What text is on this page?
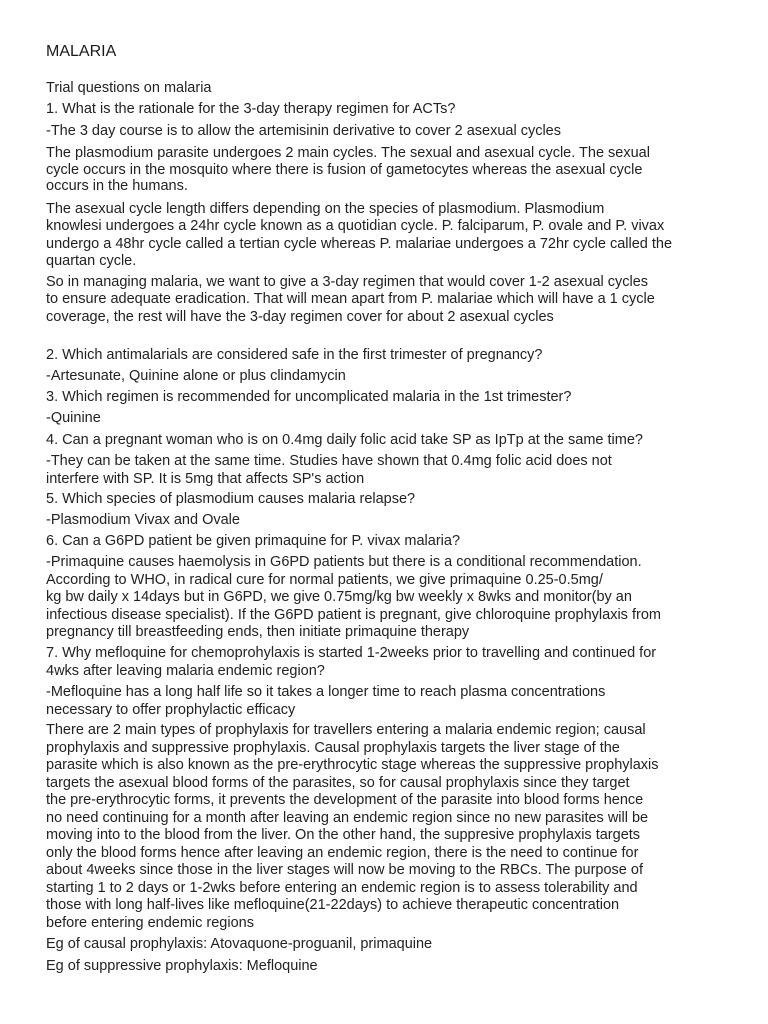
MALARIA
Trial questions on malaria
1. What is the rationale for the 3-day therapy regimen for ACTs?
-The 3 day course is to allow the artemisinin derivative to cover 2 asexual cycles
The plasmodium parasite undergoes 2 main cycles. The sexual and asexual cycle. The sexual
cycle occurs in the mosquito where there is fusion of gametocytes whereas the asexual cycle
occurs in the humans.
The asexual cycle length differs depending on the species of plasmodium. Plasmodium
knowlesi undergoes a 24hr cycle known as a quotidian cycle. P. falciparum, P. ovale and P. vivax
undergo a 48hr cycle called a tertian cycle whereas P. malariae undergoes a 72hr cycle called the
quartan cycle.
So in managing malaria, we want to give a 3-day regimen that would cover 1-2 asexual cycles
to ensure adequate eradication. That will mean apart from P. malariae which will have a 1 cycle
coverage, the rest will have the 3-day regimen cover for about 2 asexual cycles
2. Which antimalarials are considered safe in the first trimester of pregnancy?
-Artesunate, Quinine alone or plus clindamycin
3. Which regimen is recommended for uncomplicated malaria in the 1st trimester?
-Quinine
4. Can a pregnant woman who is on 0.4mg daily folic acid take SP as IpTp at the same time?
-They can be taken at the same time. Studies have shown that 0.4mg folic acid does not
interfere with SP. It is 5mg that affects SP's action
5. Which species of plasmodium causes malaria relapse?
-Plasmodium Vivax and Ovale
6. Can a G6PD patient be given primaquine for P. vivax malaria?
-Primaquine causes haemolysis in G6PD patients but there is a conditional recommendation.
According to WHO, in radical cure for normal patients, we give primaquine 0.25-0.5mg/
kg bw daily x 14days but in G6PD, we give 0.75mg/kg bw weekly x 8wks and monitor(by an
infectious disease specialist). If the G6PD patient is pregnant, give chloroquine prophylaxis from
pregnancy till breastfeeding ends, then initiate primaquine therapy
7. Why mefloquine for chemoprohylaxis is started 1-2weeks prior to travelling and continued for
4wks after leaving malaria endemic region?
-Mefloquine has a long half life so it takes a longer time to reach plasma concentrations
necessary to offer prophylactic efficacy
There are 2 main types of prophylaxis for travellers entering a malaria endemic region; causal
prophylaxis and suppressive prophylaxis. Causal prophylaxis targets the liver stage of the
parasite which is also known as the pre-erythrocytic stage whereas the suppressive prophylaxis
targets the asexual blood forms of the parasites, so for causal prophylaxis since they target
the pre-erythrocytic forms, it prevents the development of the parasite into blood forms hence
no need continuing for a month after leaving an endemic region since no new parasites will be
moving into to the blood from the liver. On the other hand, the suppresive prophylaxis targets
only the blood forms hence after leaving an endemic region, there is the need to continue for
about 4weeks since those in the liver stages will now be moving to the RBCs. The purpose of
starting 1 to 2 days or 1-2wks before entering an endemic region is to assess tolerability and
those with long half-lives like mefloquine(21-22days) to achieve therapeutic concentration
before entering endemic regions
Eg of causal prophylaxis: Atovaquone-proguanil, primaquine
Eg of suppressive prophylaxis: Mefloquine
